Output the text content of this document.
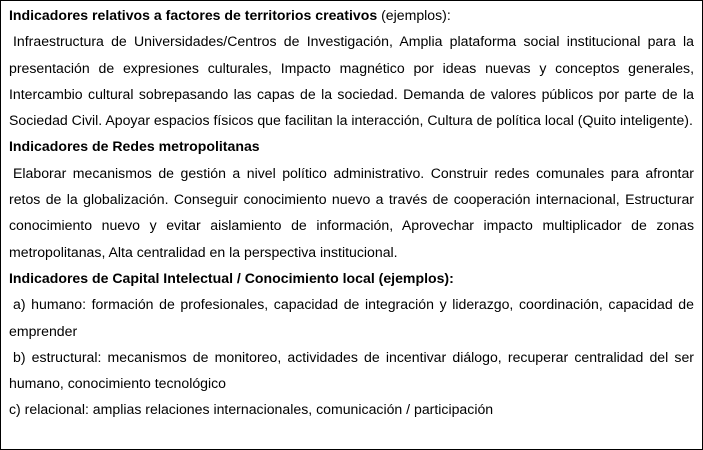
Indicadores relativos a factores de territorios creativos (ejemplos):

Infraestructura de Universidades/Centros de Investigación, Amplia plataforma social institucional para la presentación de expresiones culturales, Impacto magnético por ideas nuevas y conceptos generales, Intercambio cultural sobrepasando las capas de la sociedad. Demanda de valores públicos por parte de la Sociedad Civil. Apoyar espacios físicos que facilitan la interacción, Cultura de política local (Quito inteligente).

Indicadores de Redes metropolitanas

Elaborar mecanismos de gestión a nivel político administrativo. Construir redes comunales para afrontar retos de la globalización. Conseguir conocimiento nuevo a través de cooperación internacional, Estructurar conocimiento nuevo y evitar aislamiento de información, Aprovechar impacto multiplicador de zonas metropolitanas, Alta centralidad en la perspectiva institucional.

Indicadores de Capital Intelectual / Conocimiento local (ejemplos):

a) humano: formación de profesionales, capacidad de integración y liderazgo, coordinación, capacidad de emprender

b) estructural: mecanismos de monitoreo, actividades de incentivar diálogo, recuperar centralidad del ser humano, conocimiento tecnológico

c) relacional: amplias relaciones internacionales, comunicación / participación
